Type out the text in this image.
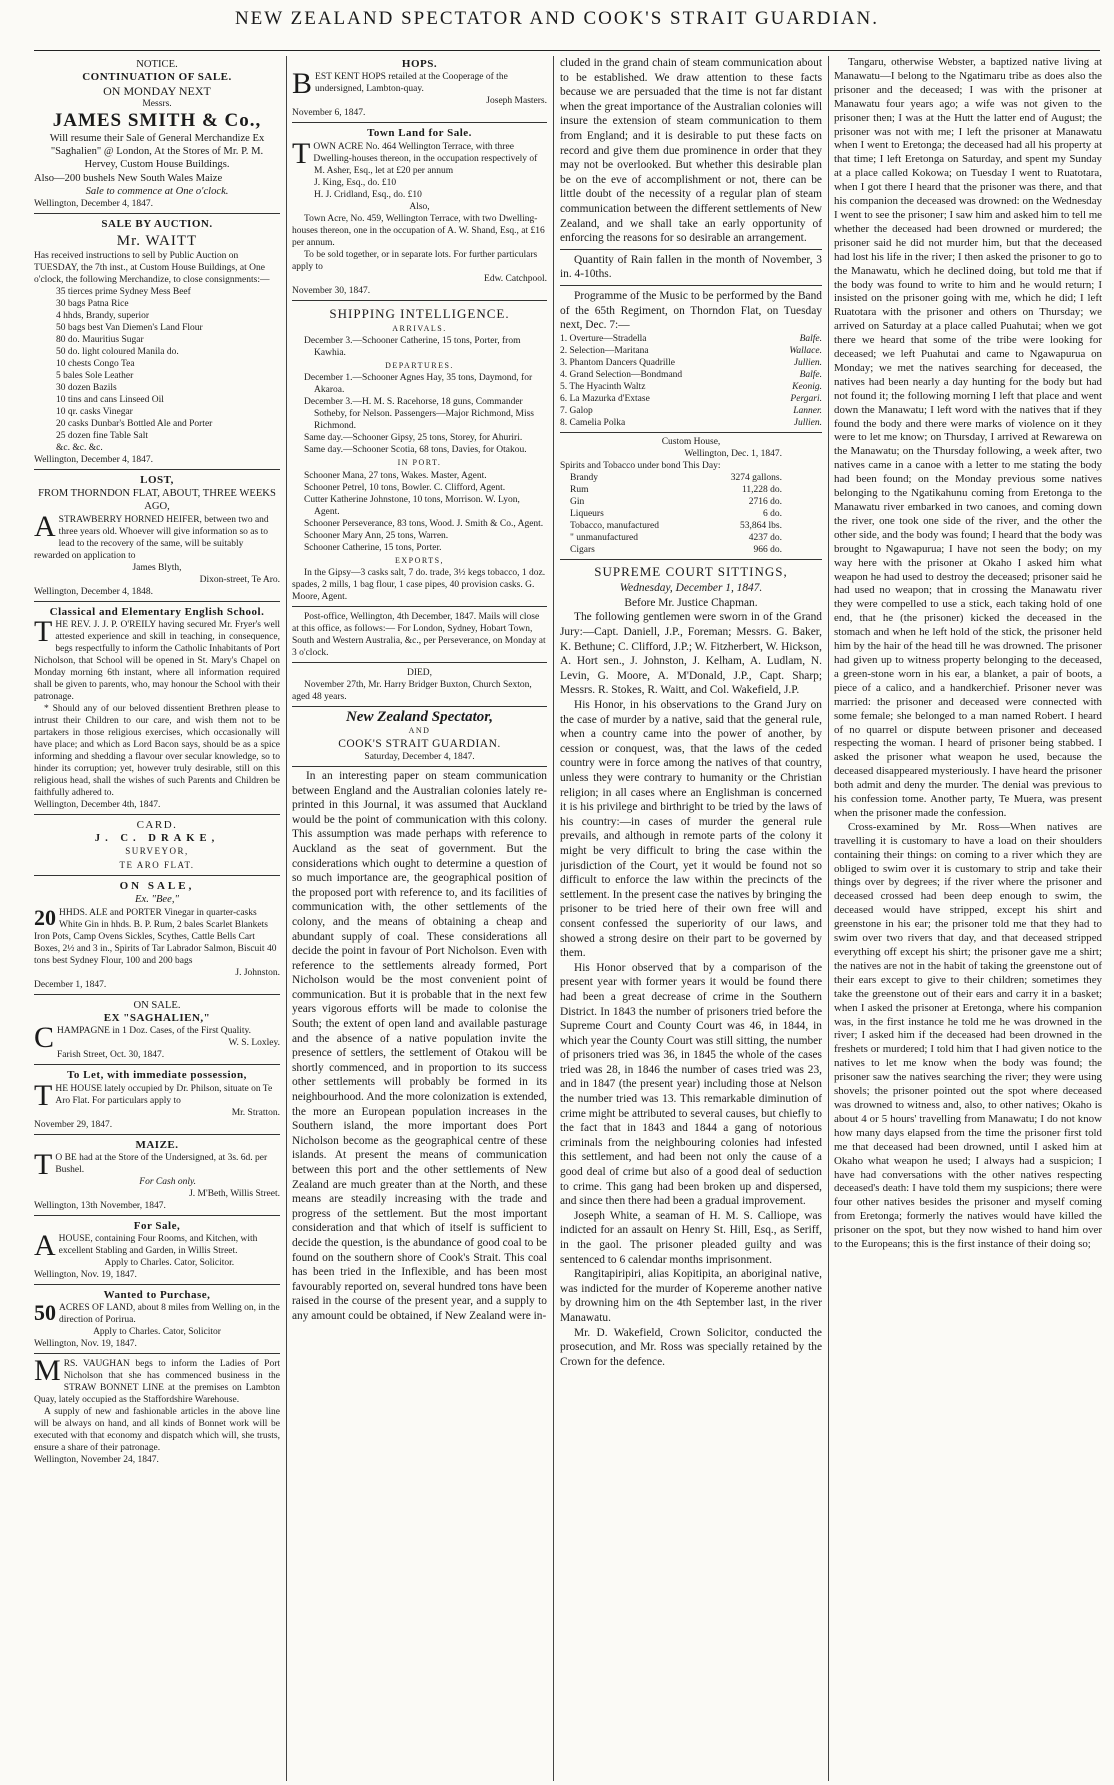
NEW ZEALAND SPECTATOR AND COOK'S STRAIT GUARDIAN.
NOTICE.
CONTINUATION OF SALE.
ON MONDAY NEXT
Messrs.
JAMES SMITH & Co.,
Will resume their Sale of General Merchandize Ex "Saghalien" @ London, At the Stores of Mr. P. M. Hervey, Custom House Buildings.
Also—200 bushels New South Wales Maize
Sale to commence at One o'clock.
Wellington, December 4, 1847.
SALE BY AUCTION.
Mr. WAITT
Has received instructions to sell by Public Auction on TUESDAY, the 7th inst., at Custom House Buildings, at One o'clock, the following Merchandize, to close consignments:—
35 tierces prime Sydney Mess Beef
30 bags Patna Rice
4 hhds, Brandy, superior
50 bags best Van Diemen's Land Flour
80 do. Mauritius Sugar
50 do. light coloured Manila do.
10 chests Congo Tea
5 bales Sole Leather
30 dozen Bazils
10 tins and cans Linseed Oil
10 qr. casks Vinegar
20 casks Dunbar's Bottled Ale and Porter
25 dozen fine Table Salt
&c. &c. &c.
Wellington, December 4, 1847.
LOST,
FROM THORNDON FLAT, ABOUT, THREE WEEKS AGO,
ASTRAWBERRY HORNED HEIFER, between two and three years old. Whoever will give information so as to lead to the recovery of the same, will be suitably rewarded on application to
James Blyth,
Dixon-street, Te Aro.
Wellington, December 4, 1848.
Classical and Elementary English School.
THE REV. J. J. P. O'REILY having secured Mr. Fryer's well attested experience and skill in teaching, in consequence, begs respectfully to inform the Catholic Inhabitants of Port Nicholson, that School will be opened in St. Mary's Chapel on Monday morning 6th instant, where all information required shall be given to parents, who, may honour the School with their patronage.
* Should any of our beloved dissentient Brethren please to intrust their Children to our care, and wish them not to be partakers in those religious exercises, which occasionally will have place; and which as Lord Bacon says, should be as a spice informing and shedding a flavour over secular knowledge, so to hinder its corruption; yet, however truly desirable, still on this religious head, shall the wishes of such Parents and Children be faithfully adhered to.
Wellington, December 4th, 1847.
CARD.
J. C. DRAKE,
SURVEYOR,
TE ARO FLAT.
ON SALE,
Ex. "Bee,"
20 HHDS. ALE and PORTER Vinegar in quarter-casks White Gin in hhds. B. P. Rum, 2 bales Scarlet Blankets Iron Pots, Camp Ovens Sickles, Scythes, Cattle Bells Cart Boxes, 2½ and 3 in., Spirits of Tar Labrador Salmon, Biscuit 40 tons best Sydney Flour, 100 and 200 bags
J. Johnston.
December 1, 1847.
ON SALE.
EX "SAGHALIEN,"
CHAMPAGNE in 1 Doz. Cases, of the First Quality.
W. S. Loxley.
Farish Street, Oct. 30, 1847.
To Let, with immediate possession,
THE HOUSE lately occupied by Dr. Philson, situate on Te Aro Flat. For particulars apply to
Mr. Stratton.
November 29, 1847.
MAIZE.
TO BE had at the Store of the Undersigned, at 3s. 6d. per Bushel.
For Cash only.
J. M'Beth, Willis Street.
Wellington, 13th November, 1847.
For Sale,
AHOUSE, containing Four Rooms, and Kitchen, with excellent Stabling and Garden, in Willis Street.
Apply to Charles. Cator, Solicitor.
Wellington, Nov. 19, 1847.
Wanted to Purchase,
50 ACRES OF LAND, about 8 miles from Welling on, in the direction of Porirua.
Apply to Charles. Cator, Solicitor
Wellington, Nov. 19, 1847.
MRS. VAUGHAN begs to inform the Ladies of Port Nicholson that she has commenced business in the STRAW BONNET LINE at the premises on Lambton Quay, lately occupied as the Staffordshire Warehouse.
A supply of new and fashionable articles in the above line will be always on hand, and all kinds of Bonnet work will be executed with that economy and dispatch which will, she trusts, ensure a share of their patronage.
Wellington, November 24, 1847.
HOPS.
BEST KENT HOPS retailed at the Cooperage of the undersigned, Lambton-quay.
Joseph Masters.
November 6, 1847.
Town Land for Sale.
TOWN ACRE No. 464 Wellington Terrace, with three Dwelling-houses thereon, in the occupation respectively of
M. Asher, Esq., let at £20 per annum
J. King, Esq., do. £10
H. J. Cridland, Esq., do. £10
Also,
Town Acre, No. 459, Wellington Terrace, with two Dwelling-houses thereon, one in the occupation of A. W. Shand, Esq., at £16 per annum.
To be sold together, or in separate lots. For further particulars apply to
Edw. Catchpool.
November 30, 1847.
SHIPPING INTELLIGENCE.
ARRIVALS.
December 3.—Schooner Catherine, 15 tons, Porter, from Kawhia.
DEPARTURES.
December 1.—Schooner Agnes Hay, 35 tons, Daymond, for Akaroa.
December 3.—H. M. S. Racehorse, 18 guns, Commander Sotheby, for Nelson. Passengers—Major Richmond, Miss Richmond.
Same day.—Schooner Gipsy, 25 tons, Storey, for Ahuriri.
Same day.—Schooner Scotia, 68 tons, Davies, for Otakou.
IN PORT.
Schooner Mana, 27 tons, Wakes. Master, Agent.
Schooner Petrel, 10 tons, Bowler. C. Clifford, Agent.
Cutter Katherine Johnstone, 10 tons, Morrison. W. Lyon, Agent.
Schooner Perseverance, 83 tons, Wood. J. Smith & Co., Agent.
Schooner Mary Ann, 25 tons, Warren.
Schooner Catherine, 15 tons, Porter.
EXPORTS,
In the Gipsy—3 casks salt, 7 do. trade, 3½ kegs tobacco, 1 doz. spades, 2 mills, 1 bag flour, 1 case pipes, 40 provision casks. G. Moore, Agent.
Post-office, Wellington, 4th December, 1847. Mails will close at this office, as follows:— For London, Sydney, Hobart Town, South and Western Australia, &c., per Perseverance, on Monday at 3 o'clock.
DIED,
November 27th, Mr. Harry Bridger Buxton, Church Sexton, aged 48 years.
New Zealand Spectator,
AND
COOK'S STRAIT GUARDIAN.
Saturday, December 4, 1847.

In an interesting paper on steam communication between England and the Australian colonies lately re-printed in this Journal, it was assumed that Auckland would be the point of communication with this colony. This assumption was made perhaps with reference to Auckland as the seat of government. But the considerations which ought to determine a question of so much importance are, the geographical position of the proposed port with reference to, and its facilities of communication with, the other settlements of the colony, and the means of obtaining a cheap and abundant supply of coal. These considerations all decide the point in favour of Port Nicholson. Even with reference to the settlements already formed, Port Nicholson would be the most convenient point of communication. But it is probable that in the next few years vigorous efforts will be made to colonise the South; the extent of open land and available pasturage and the absence of a native population invite the presence of settlers, the settlement of Otakou will be shortly commenced, and in proportion to its success other settlements will probably be formed in its neighbourhood. And the more colonization is extended, the more an European population increases in the Southern island, the more important does Port Nicholson become as the geographical centre of these islands. At present the means of communication between this port and the other settlements of New Zealand are much greater than at the North, and these means are steadily increasing with the trade and progress of the settlement. But the most important consideration and that which of itself is sufficient to decide the question, is the abundance of good coal to be found on the southern shore of Cook's Strait. This coal has been tried in the Inflexible, and has been most favourably reported on, several hundred tons have been raised in the course of the present year, and a supply to any amount could be obtained, if New Zealand were in-

cluded in the grand chain of steam communication about to be established. We draw attention to these facts because we are persuaded that the time is not far distant when the great importance of the Australian colonies will insure the extension of steam communication to them from England; and it is desirable to put these facts on record and give them due prominence in order that they may not be overlooked. But whether this desirable plan be on the eve of accomplishment or not, there can be little doubt of the necessity of a regular plan of steam communication between the different settlements of New Zealand, and we shall take an early opportunity of enforcing the reasons for so desirable an arrangement.

Quantity of Rain fallen in the month of November, 3 in. 4-10ths.

Programme of the Music to be performed by the Band of the 65th Regiment, on Thorndon Flat, on Tuesday next, Dec. 7:—

1. Overture—Stradella	Balfe.
2. Selection—Maritana	Wallace.
3. Phantom Dancers Quadrille	Jullien.
4. Grand Selection—Bondmand	Balfe.
5. The Hyacinth Waltz	Keonig.
6. La Mazurka d'Extase	Pergari.
7. Galop	Lanner.
8. Camelia Polka	Jullien.
Custom House,
Wellington, Dec. 1, 1847.
Spirits and Tobacco under bond This Day:
Brandy	3274 gallons.
Rum	11,228 do.
Gin	2716 do.
Liqueurs	6 do.
Tobacco, manufactured	53,864 lbs.
" unmanufactured	4237 do.
Cigars	966 do.
SUPREME COURT SITTINGS,
Wednesday, December 1, 1847.
Before Mr. Justice Chapman.

The following gentlemen were sworn in of the Grand Jury:—Capt. Daniell, J.P., Foreman; Messrs. G. Baker, K. Bethune; C. Clifford, J.P.; W. Fitzherbert, W. Hickson, A. Hort sen., J. Johnston, J. Kelham, A. Ludlam, N. Levin, G. Moore, A. M'Donald, J.P., Capt. Sharp; Messrs. R. Stokes, R. Waitt, and Col. Wakefield, J.P.

His Honor, in his observations to the Grand Jury on the case of murder by a native, said that the general rule, when a country came into the power of another, by cession or conquest, was, that the laws of the ceded country were in force among the natives of that country, unless they were contrary to humanity or the Christian religion; in all cases where an Englishman is concerned it is his privilege and birthright to be tried by the laws of his country:—in cases of murder the general rule prevails, and although in remote parts of the colony it might be very difficult to bring the case within the jurisdiction of the Court, yet it would be found not so difficult to enforce the law within the precincts of the settlement. In the present case the natives by bringing the prisoner to be tried here of their own free will and consent confessed the superiority of our laws, and showed a strong desire on their part to be governed by them.

His Honor observed that by a comparison of the present year with former years it would be found there had been a great decrease of crime in the Southern District. In 1843 the number of prisoners tried before the Supreme Court and County Court was 46, in 1844, in which year the County Court was still sitting, the number of prisoners tried was 36, in 1845 the whole of the cases tried was 28, in 1846 the number of cases tried was 23, and in 1847 (the present year) including those at Nelson the number tried was 13. This remarkable diminution of crime might be attributed to several causes, but chiefly to the fact that in 1843 and 1844 a gang of notorious criminals from the neighbouring colonies had infested this settlement, and had been not only the cause of a good deal of crime but also of a good deal of seduction to crime. This gang had been broken up and dispersed, and since then there had been a gradual improvement.

Joseph White, a seaman of H. M. S. Calliope, was indicted for an assault on Henry St. Hill, Esq., as Seriff, in the gaol. The prisoner pleaded guilty and was sentenced to 6 calendar months imprisonment.

Rangitapiripiri, alias Kopitipita, an aboriginal native, was indicted for the murder of Kopereme another native by drowning him on the 4th September last, in the river Manawatu.

Mr. D. Wakefield, Crown Solicitor, conducted the prosecution, and Mr. Ross was specially retained by the Crown for the defence.

Tangaru, otherwise Webster, a baptized native living at Manawatu—I belong to the Ngatimaru tribe as does also the prisoner and the deceased; I was with the prisoner at Manawatu four years ago; a wife was not given to the prisoner then; I was at the Hutt the latter end of August; the prisoner was not with me; I left the prisoner at Manawatu when I went to Eretonga; the deceased had all his property at that time; I left Eretonga on Saturday, and spent my Sunday at a place called Kokowa; on Tuesday I went to Ruatotara, when I got there I heard that the prisoner was there, and that his companion the deceased was drowned: on the Wednesday I went to see the prisoner; I saw him and asked him to tell me whether the deceased had been drowned or murdered; the prisoner said he did not murder him, but that the deceased had lost his life in the river; I then asked the prisoner to go to the Manawatu, which he declined doing, but told me that if the body was found to write to him and he would return; I insisted on the prisoner going with me, which he did; I left Ruatotara with the prisoner and others on Thursday; we arrived on Saturday at a place called Puahutai; when we got there we heard that some of the tribe were looking for deceased; we left Puahutai and came to Ngawapurua on Monday; we met the natives searching for deceased, the natives had been nearly a day hunting for the body but had not found it; the following morning I left that place and went down the Manawatu; I left word with the natives that if they found the body and there were marks of violence on it they were to let me know; on Thursday, I arrived at Rewarewa on the Manawatu; on the Thursday following, a week after, two natives came in a canoe with a letter to me stating the body had been found; on the Monday previous some natives belonging to the Ngatikahunu coming from Eretonga to the Manawatu river embarked in two canoes, and coming down the river, one took one side of the river, and the other the other side, and the body was found; I heard that the body was brought to Ngawapurua; I have not seen the body; on my way here with the prisoner at Okaho I asked him what weapon he had used to destroy the deceased; prisoner said he had used no weapon; that in crossing the Manawatu river they were compelled to use a stick, each taking hold of one end, that he (the prisoner) kicked the deceased in the stomach and when he left hold of the stick, the prisoner held him by the hair of the head till he was drowned. The prisoner had given up to witness property belonging to the deceased, a green-stone worn in his ear, a blanket, a pair of boots, a piece of a calico, and a handkerchief. Prisoner never was married: the prisoner and deceased were connected with some female; she belonged to a man named Robert. I heard of no quarrel or dispute between prisoner and deceased respecting the woman. I heard of prisoner being stabbed. I asked the prisoner what weapon he used, because the deceased disappeared mysteriously. I have heard the prisoner both admit and deny the murder. The denial was previous to his confession tome. Another party, Te Muera, was present when the prisoner made the confession.

Cross-examined by Mr. Ross—When natives are travelling it is customary to have a load on their shoulders containing their things: on coming to a river which they are obliged to swim over it is customary to strip and take their things over by degrees; if the river where the prisoner and deceased crossed had been deep enough to swim, the deceased would have stripped, except his shirt and greenstone in his ear; the prisoner told me that they had to swim over two rivers that day, and that deceased stripped everything off except his shirt; the prisoner gave me a shirt; the natives are not in the habit of taking the greenstone out of their ears except to give to their children; sometimes they take the greenstone out of their ears and carry it in a basket; when I asked the prisoner at Eretonga, where his companion was, in the first instance he told me he was drowned in the river; I asked him if the deceased had been drowned in the freshets or murdered; I told him that I had given notice to the natives to let me know when the body was found; the prisoner saw the natives searching the river; they were using shovels; the prisoner pointed out the spot where deceased was drowned to witness and, also, to other natives; Okaho is about 4 or 5 hours' travelling from Manawatu; I do not know how many days elapsed from the time the prisoner first told me that deceased had been drowned, until I asked him at Okaho what weapon he used; I always had a suspicion; I have had conversations with the other natives respecting deceased's death: I have told them my suspicions; there were four other natives besides the prisoner and myself coming from Eretonga; formerly the natives would have killed the prisoner on the spot, but they now wished to hand him over to the Europeans; this is the first instance of their doing so;
